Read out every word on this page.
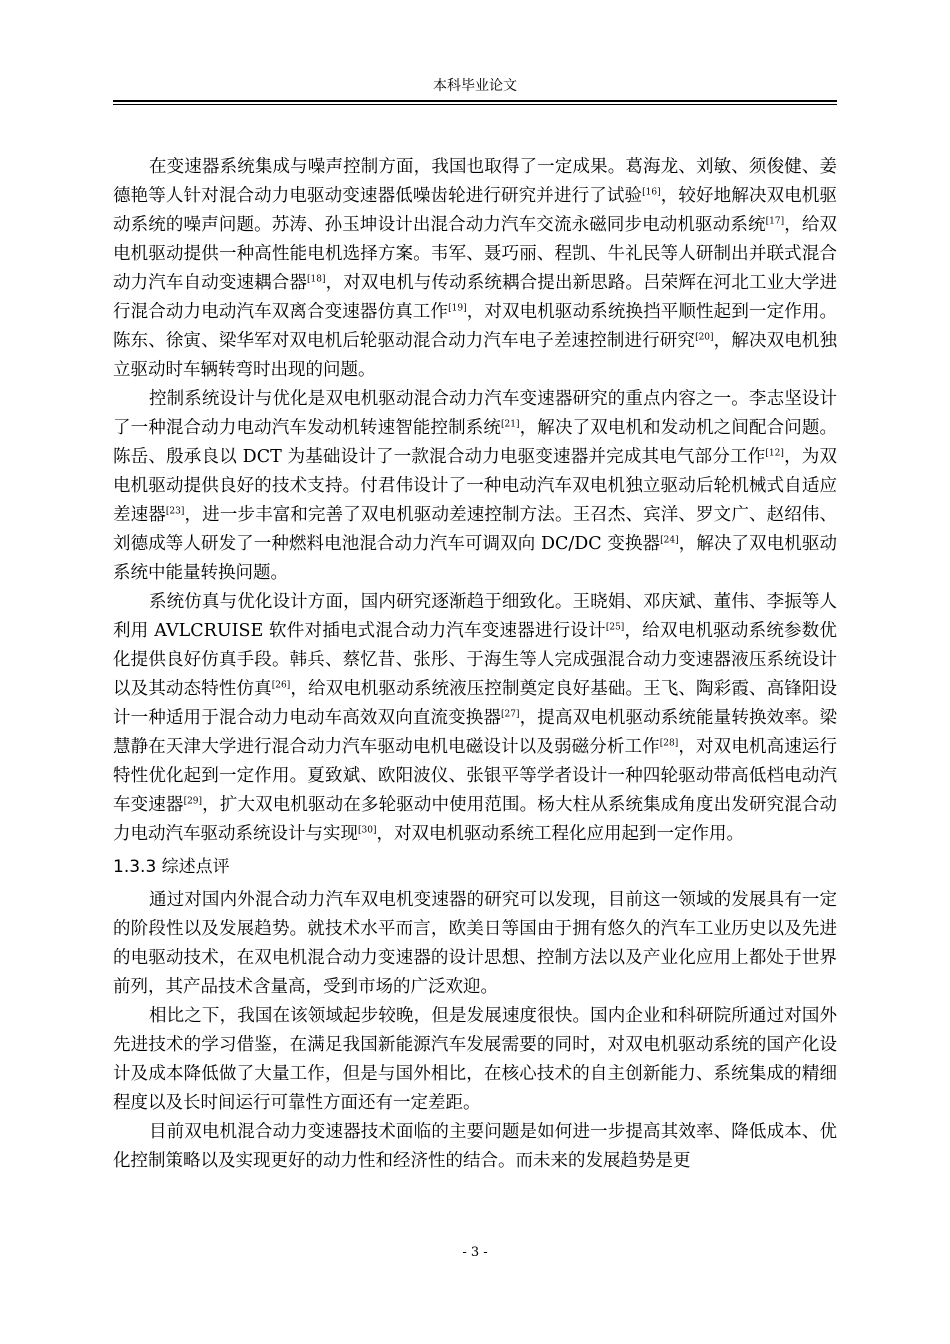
本科毕业论文

在变速器系统集成与噪声控制方面，我国也取得了一定成果。葛海龙、刘敏、须俊健、姜德艳等人针对混合动力电驱动变速器低噪齿轮进行研究并进行了试验[16]，较好地解决双电机驱动系统的噪声问题。苏涛、孙玉坤设计出混合动力汽车交流永磁同步电动机驱动系统[17]，给双电机驱动提供一种高性能电机选择方案。韦军、聂巧丽、程凯、牛礼民等人研制出并联式混合动力汽车自动变速耦合器[18]，对双电机与传动系统耦合提出新思路。吕荣辉在河北工业大学进行混合动力电动汽车双离合变速器仿真工作[19]，对双电机驱动系统换挡平顺性起到一定作用。陈东、徐寅、梁华军对双电机后轮驱动混合动力汽车电子差速控制进行研究[20]，解决双电机独立驱动时车辆转弯时出现的问题。

控制系统设计与优化是双电机驱动混合动力汽车变速器研究的重点内容之一。李志坚设计了一种混合动力电动汽车发动机转速智能控制系统[21]，解决了双电机和发动机之间配合问题。陈岳、殷承良以 DCT 为基础设计了一款混合动力电驱变速器并完成其电气部分工作[12]，为双电机驱动提供良好的技术支持。付君伟设计了一种电动汽车双电机独立驱动后轮机械式自适应差速器[23]，进一步丰富和完善了双电机驱动差速控制方法。王召杰、宾洋、罗文广、赵绍伟、刘德成等人研发了一种燃料电池混合动力汽车可调双向 DC/DC 变换器[24]，解决了双电机驱动系统中能量转换问题。

系统仿真与优化设计方面，国内研究逐渐趋于细致化。王晓娟、邓庆斌、董伟、李振等人利用 AVLCRUISE 软件对插电式混合动力汽车变速器进行设计[25]，给双电机驱动系统参数优化提供良好仿真手段。韩兵、蔡忆昔、张彤、于海生等人完成强混合动力变速器液压系统设计以及其动态特性仿真[26]，给双电机驱动系统液压控制奠定良好基础。王飞、陶彩霞、高锋阳设计一种适用于混合动力电动车高效双向直流变换器[27]，提高双电机驱动系统能量转换效率。梁慧静在天津大学进行混合动力汽车驱动电机电磁设计以及弱磁分析工作[28]，对双电机高速运行特性优化起到一定作用。夏致斌、欧阳波仪、张银平等学者设计一种四轮驱动带高低档电动汽车变速器[29]，扩大双电机驱动在多轮驱动中使用范围。杨大柱从系统集成角度出发研究混合动力电动汽车驱动系统设计与实现[30]，对双电机驱动系统工程化应用起到一定作用。

1.3.3 综述点评

通过对国内外混合动力汽车双电机变速器的研究可以发现，目前这一领域的发展具有一定的阶段性以及发展趋势。就技术水平而言，欧美日等国由于拥有悠久的汽车工业历史以及先进的电驱动技术，在双电机混合动力变速器的设计思想、控制方法以及产业化应用上都处于世界前列，其产品技术含量高，受到市场的广泛欢迎。

相比之下，我国在该领域起步较晚，但是发展速度很快。国内企业和科研院所通过对国外先进技术的学习借鉴，在满足我国新能源汽车发展需要的同时，对双电机驱动系统的国产化设计及成本降低做了大量工作，但是与国外相比，在核心技术的自主创新能力、系统集成的精细程度以及长时间运行可靠性方面还有一定差距。

目前双电机混合动力变速器技术面临的主要问题是如何进一步提高其效率、降低成本、优化控制策略以及实现更好的动力性和经济性的结合。而未来的发展趋势是更

- 3 -
